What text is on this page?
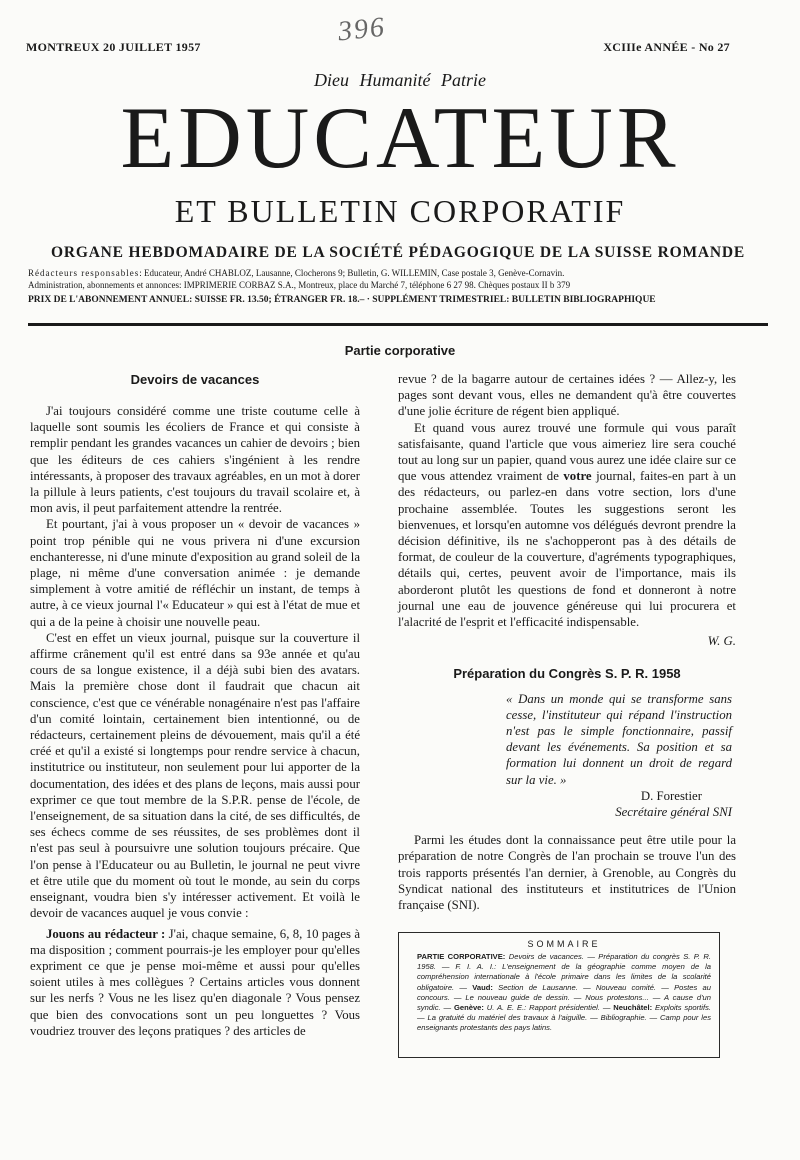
396
MONTREUX 20 JUILLET 1957	XCIIIe ANNÉE - No 27
Dieu Humanité Patrie
EDUCATEUR
ET BULLETIN CORPORATIF
ORGANE HEBDOMADAIRE DE LA SOCIÉTÉ PÉDAGOGIQUE DE LA SUISSE ROMANDE
Rédacteurs responsables: Educateur, André CHABLOZ, Lausanne, Clocherons 9; Bulletin, G. WILLEMIN, Case postale 3, Genève-Cornavin.
Administration, abonnements et annonces: IMPRIMERIE CORBAZ S.A., Montreux, place du Marché 7, téléphone 6 27 98. Chèques postaux II b 379
PRIX DE L'ABONNEMENT ANNUEL: SUISSE FR. 13.50; ÉTRANGER FR. 18.– · SUPPLÉMENT TRIMESTRIEL: BULLETIN BIBLIOGRAPHIQUE
Partie corporative
Devoirs de vacances

J'ai toujours considéré comme une triste coutume celle à laquelle sont soumis les écoliers de France et qui consiste à remplir pendant les grandes vacances un cahier de devoirs ; bien que les éditeurs de ces cahiers s'ingénient à les rendre intéressants, à proposer des travaux agréables, en un mot à dorer la pillule à leurs patients, c'est toujours du travail scolaire et, à mon avis, il peut parfaitement attendre la rentrée.

Et pourtant, j'ai à vous proposer un « devoir de vacances » point trop pénible qui ne vous privera ni d'une excursion enchanteresse, ni d'une minute d'exposition au grand soleil de la plage, ni même d'une conversation animée : je demande simplement à votre amitié de réfléchir un instant, de temps à autre, à ce vieux journal l'« Educateur » qui est à l'état de mue et qui a de la peine à choisir une nouvelle peau.

C'est en effet un vieux journal, puisque sur la couverture il affirme crânement qu'il est entré dans sa 93e année et qu'au cours de sa longue existence, il a déjà subi bien des avatars. Mais la première chose dont il faudrait que chacun ait conscience, c'est que ce vénérable nonagénaire n'est pas l'affaire d'un comité lointain, certainement bien intentionné, ou de rédacteurs, certainement pleins de dévouement, mais qu'il a été créé et qu'il a existé si longtemps pour rendre service à chacun, institutrice ou instituteur, non seulement pour lui apporter de la documentation, des idées et des plans de leçons, mais aussi pour exprimer ce que tout membre de la S.P.R. pense de l'école, de l'enseignement, de sa situation dans la cité, de ses difficultés, de ses échecs comme de ses réussites, de ses problèmes dont il n'est pas seul à poursuivre une solution toujours précaire. Que l'on pense à l'Educateur ou au Bulletin, le journal ne peut vivre et être utile que du moment où tout le monde, au sein du corps enseignant, voudra bien s'y intéresser activement. Et voilà le devoir de vacances auquel je vous convie :

Jouons au rédacteur : J'ai, chaque semaine, 6, 8, 10 pages à ma disposition ; comment pourrais-je les employer pour qu'elles expriment ce que je pense moi-même et aussi pour qu'elles soient utiles à mes collègues ? Certains articles vous donnent sur les nerfs ? Vous ne les lisez qu'en diagonale ? Vous pensez que bien des convocations sont un peu longuettes ? Vous voudriez trouver des leçons pratiques ? des articles de

revue ? de la bagarre autour de certaines idées ? — Allez-y, les pages sont devant vous, elles ne demandent qu'à être couvertes d'une jolie écriture de régent bien appliqué.

Et quand vous aurez trouvé une formule qui vous paraît satisfaisante, quand l'article que vous aimeriez lire sera couché tout au long sur un papier, quand vous aurez une idée claire sur ce que vous attendez vraiment de votre journal, faites-en part à un des rédacteurs, ou parlez-en dans votre section, lors d'une prochaine assemblée. Toutes les suggestions seront les bienvenues, et lorsqu'en automne vos délégués devront prendre la décision définitive, ils ne s'achopperont pas à des détails de format, de couleur de la couverture, d'agréments typographiques, détails qui, certes, peuvent avoir de l'importance, mais ils aborderont plutôt les questions de fond et donneront à notre journal une eau de jouvence généreuse qui lui procurera et l'alacrité de l'esprit et l'efficacité indispensable.

W. G.
Préparation du Congrès S. P. R. 1958
« Dans un monde qui se transforme sans cesse, l'instituteur qui répand l'instruction n'est pas le simple fonctionnaire, passif devant les événements. Sa position et sa formation lui donnent un droit de regard sur la vie. »
D. Forestier
Secrétaire général SNI

Parmi les études dont la connaissance peut être utile pour la préparation de notre Congrès de l'an prochain se trouve l'un des trois rapports présentés l'an dernier, à Grenoble, au Congrès du Syndicat national des instituteurs et institutrices de l'Union française (SNI).

SOMMAIRE
PARTIE CORPORATIVE: Devoirs de vacances. — Préparation du congrès S. P. R. 1958. — F. I. A. I.: L'enseignement de la géographie comme moyen de la compréhension internationale à l'école primaire dans les limites de la scolarité obligatoire. — Vaud: Section de Lausanne. — Nouveau comité. — Postes au concours. — Le nouveau guide de dessin. — Nous protestons... — A cause d'un syndic. — Genève: U. A. E. E.: Rapport présidentiel. — Neuchâtel: Exploits sportifs. — La gratuité du matériel des travaux à l'aiguille. — Bibliographie. — Camp pour les enseignants protestants des pays latins.
